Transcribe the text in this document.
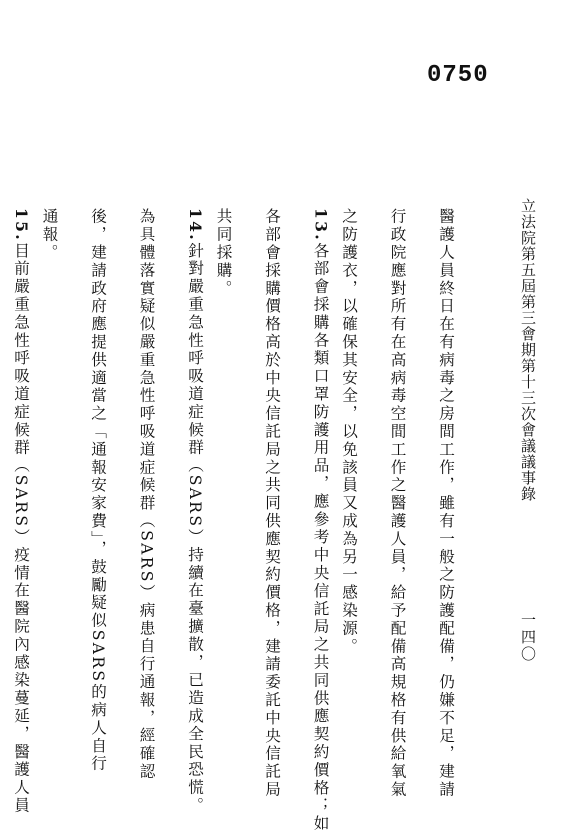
0750
立法院第五屆第三會期第十三次會議議事錄
一四〇
醫護人員終日在有病毒之房間工作，雖有一般之防護配備，仍嫌不足，建請
行政院應對所有在高病毒空間工作之醫護人員，給予配備高規格有供給氧氣
之防護衣，以確保其安全，以免該員又成為另一感染源。
13.各部會採購各類口罩防護用品，應參考中央信託局之共同供應契約價格；如
各部會採購價格高於中央信託局之共同供應契約價格，建請委託中央信託局
共同採購。
14.針對嚴重急性呼吸道症候群（SARS）持續在臺擴散，已造成全民恐慌。
為具體落實疑似嚴重急性呼吸道症候群（SARS）病患自行通報，經確認
後，建請政府應提供適當之「通報安家費」，鼓勵疑似SARS的病人自行
通報。
15.目前嚴重急性呼吸道症候群（SARS）疫情在醫院內感染蔓延，醫護人員
